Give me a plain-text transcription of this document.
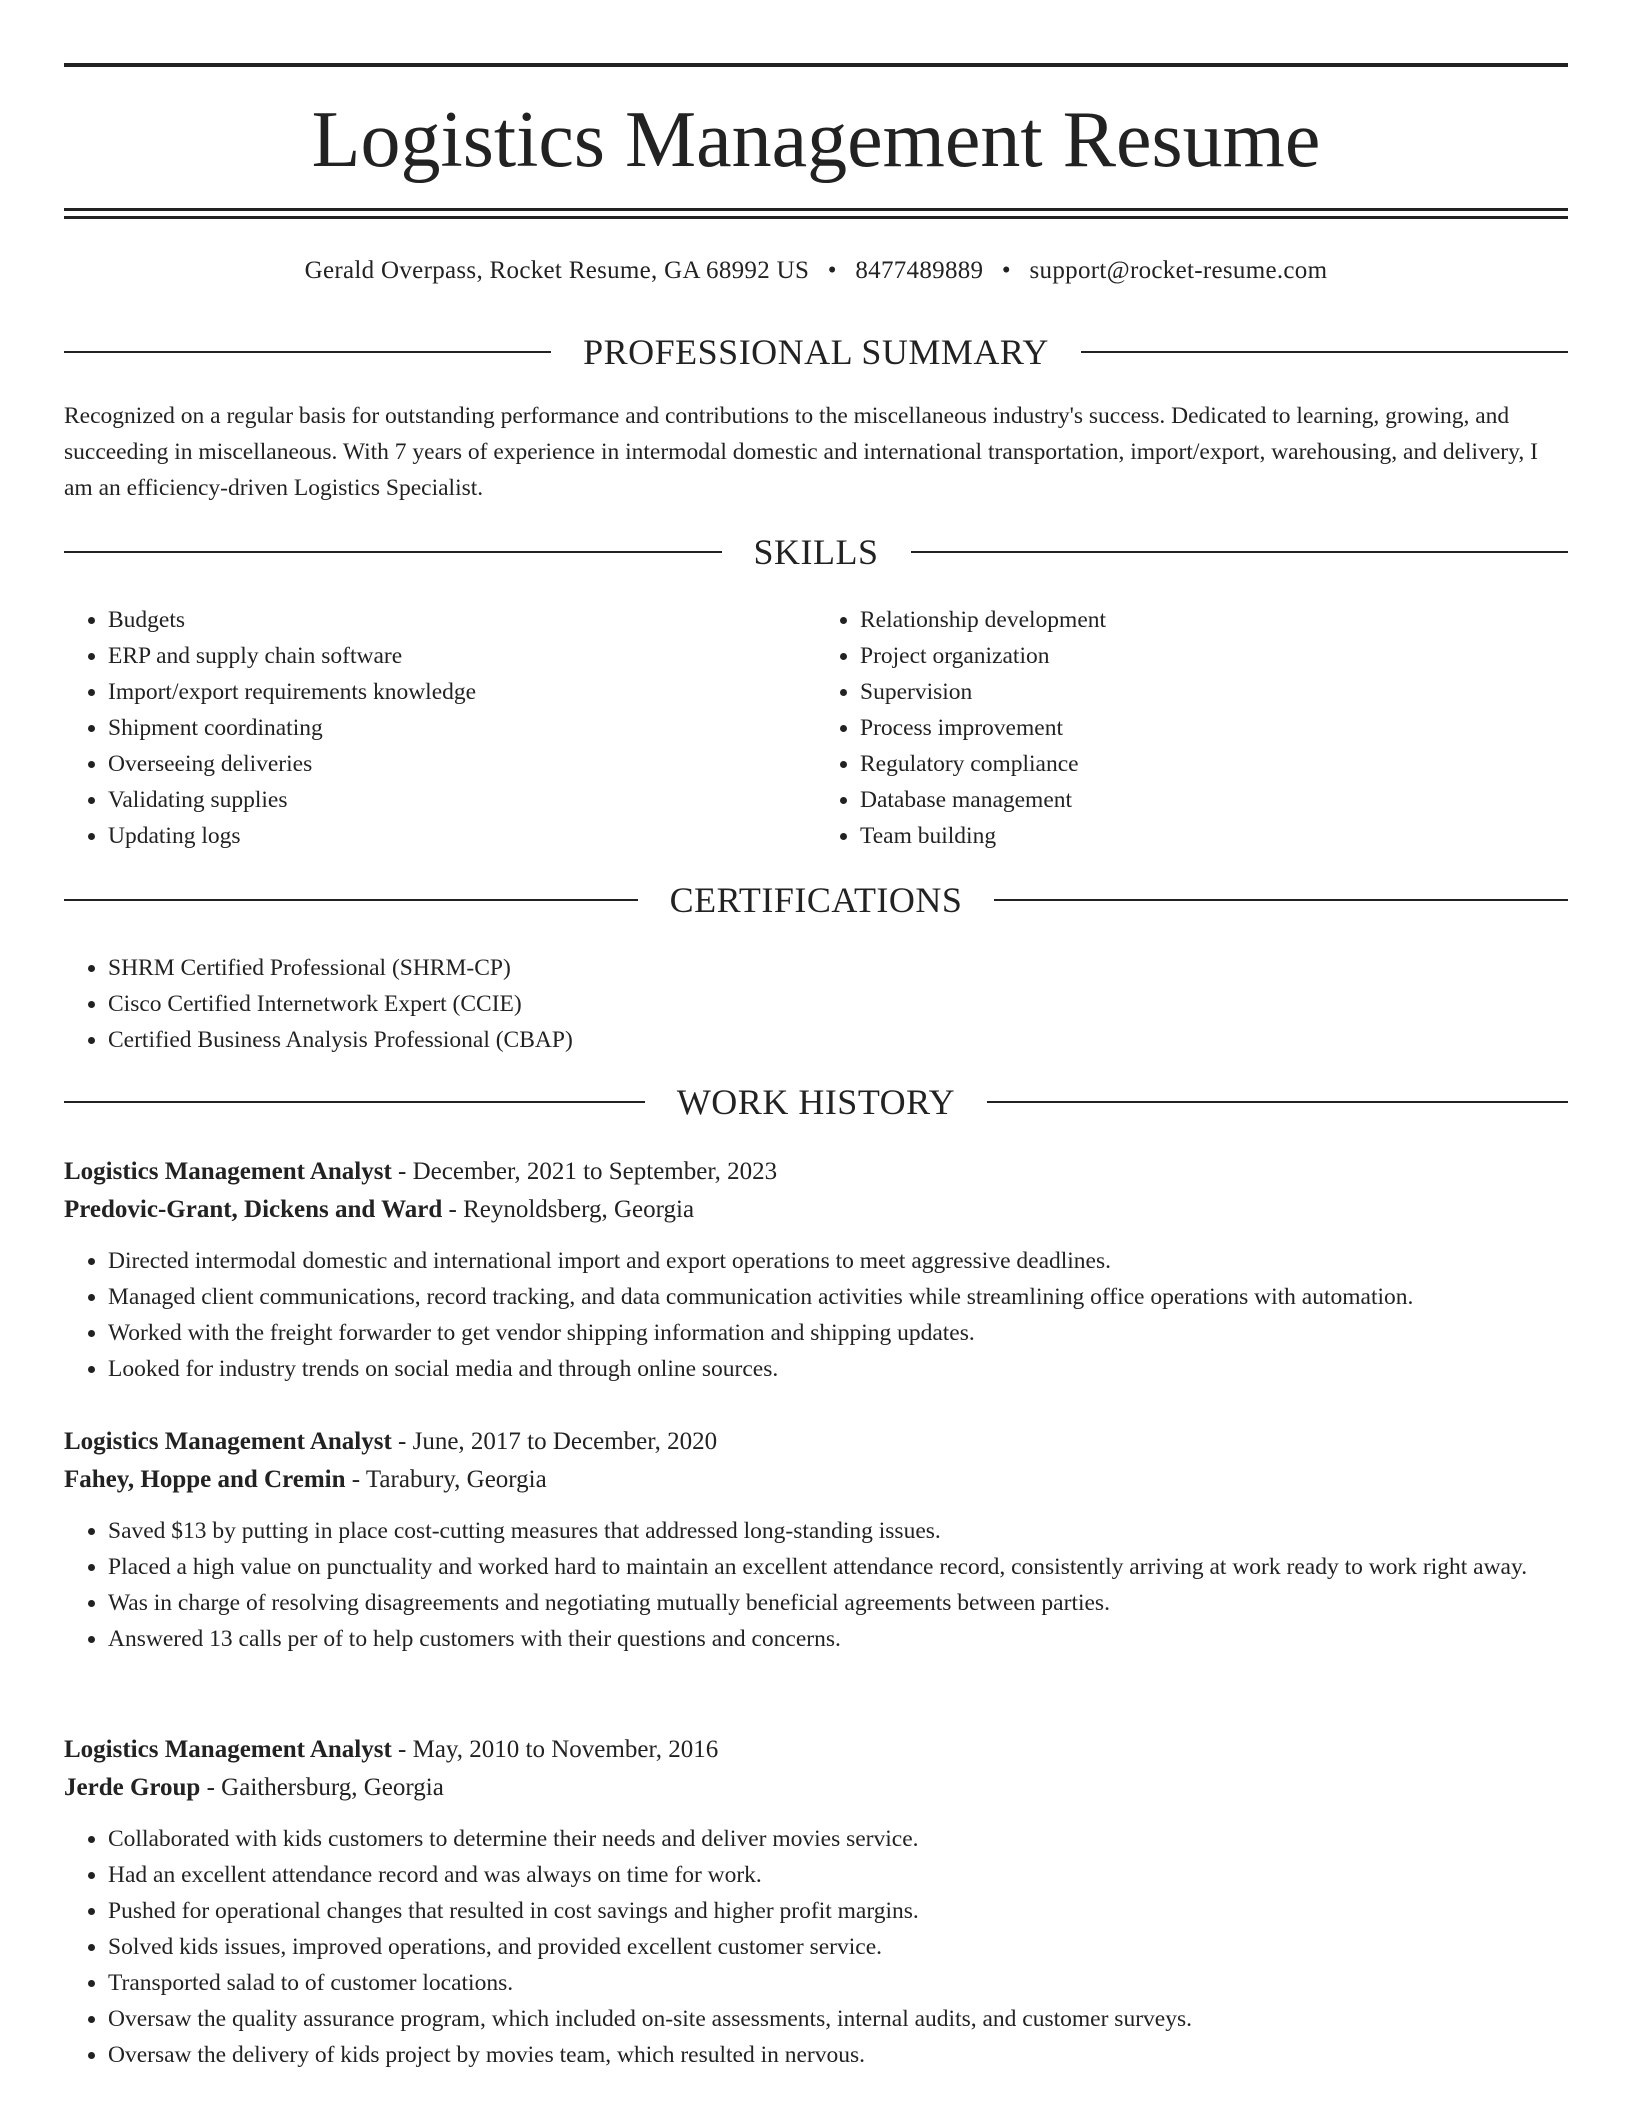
Logistics Management Resume
Gerald Overpass, Rocket Resume, GA 68992 US • 8477489889 • support@rocket-resume.com
PROFESSIONAL SUMMARY
Recognized on a regular basis for outstanding performance and contributions to the miscellaneous industry's success. Dedicated to learning, growing, and succeeding in miscellaneous. With 7 years of experience in intermodal domestic and international transportation, import/export, warehousing, and delivery, I am an efficiency-driven Logistics Specialist.
SKILLS
• Budgets
• ERP and supply chain software
• Import/export requirements knowledge
• Shipment coordinating
• Overseeing deliveries
• Validating supplies
• Updating logs
• Relationship development
• Project organization
• Supervision
• Process improvement
• Regulatory compliance
• Database management
• Team building
CERTIFICATIONS
• SHRM Certified Professional (SHRM-CP)
• Cisco Certified Internetwork Expert (CCIE)
• Certified Business Analysis Professional (CBAP)
WORK HISTORY
Logistics Management Analyst - December, 2021 to September, 2023
Predovic-Grant, Dickens and Ward - Reynoldsberg, Georgia
• Directed intermodal domestic and international import and export operations to meet aggressive deadlines.
• Managed client communications, record tracking, and data communication activities while streamlining office operations with automation.
• Worked with the freight forwarder to get vendor shipping information and shipping updates.
• Looked for industry trends on social media and through online sources.
Logistics Management Analyst - June, 2017 to December, 2020
Fahey, Hoppe and Cremin - Tarabury, Georgia
• Saved $13 by putting in place cost-cutting measures that addressed long-standing issues.
• Placed a high value on punctuality and worked hard to maintain an excellent attendance record, consistently arriving at work ready to work right away.
• Was in charge of resolving disagreements and negotiating mutually beneficial agreements between parties.
• Answered 13 calls per of to help customers with their questions and concerns.
Logistics Management Analyst - May, 2010 to November, 2016
Jerde Group - Gaithersburg, Georgia
• Collaborated with kids customers to determine their needs and deliver movies service.
• Had an excellent attendance record and was always on time for work.
• Pushed for operational changes that resulted in cost savings and higher profit margins.
• Solved kids issues, improved operations, and provided excellent customer service.
• Transported salad to of customer locations.
• Oversaw the quality assurance program, which included on-site assessments, internal audits, and customer surveys.
• Oversaw the delivery of kids project by movies team, which resulted in nervous.
